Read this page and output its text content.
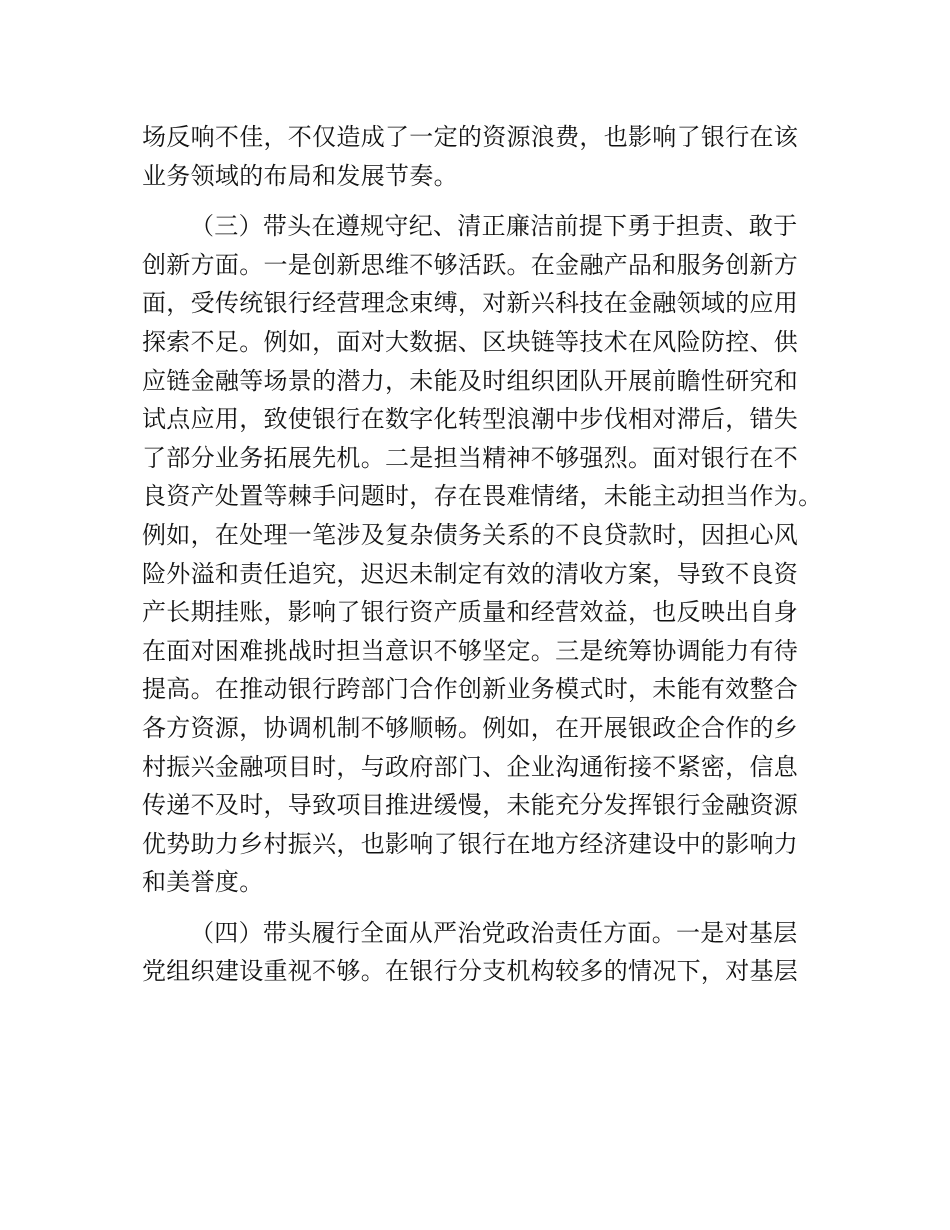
场反响不佳，不仅造成了一定的资源浪费，也影响了银行在该
业务领域的布局和发展节奏。
（三）带头在遵规守纪、清正廉洁前提下勇于担责、敢于
创新方面。一是创新思维不够活跃。在金融产品和服务创新方
面，受传统银行经营理念束缚，对新兴科技在金融领域的应用
探索不足。例如，面对大数据、区块链等技术在风险防控、供
应链金融等场景的潜力，未能及时组织团队开展前瞻性研究和
试点应用，致使银行在数字化转型浪潮中步伐相对滞后，错失
了部分业务拓展先机。二是担当精神不够强烈。面对银行在不
良资产处置等棘手问题时，存在畏难情绪，未能主动担当作为。
例如，在处理一笔涉及复杂债务关系的不良贷款时，因担心风
险外溢和责任追究，迟迟未制定有效的清收方案，导致不良资
产长期挂账，影响了银行资产质量和经营效益，也反映出自身
在面对困难挑战时担当意识不够坚定。三是统筹协调能力有待
提高。在推动银行跨部门合作创新业务模式时，未能有效整合
各方资源，协调机制不够顺畅。例如，在开展银政企合作的乡
村振兴金融项目时，与政府部门、企业沟通衔接不紧密，信息
传递不及时，导致项目推进缓慢，未能充分发挥银行金融资源
优势助力乡村振兴，也影响了银行在地方经济建设中的影响力
和美誉度。
（四）带头履行全面从严治党政治责任方面。一是对基层
党组织建设重视不够。在银行分支机构较多的情况下，对基层
